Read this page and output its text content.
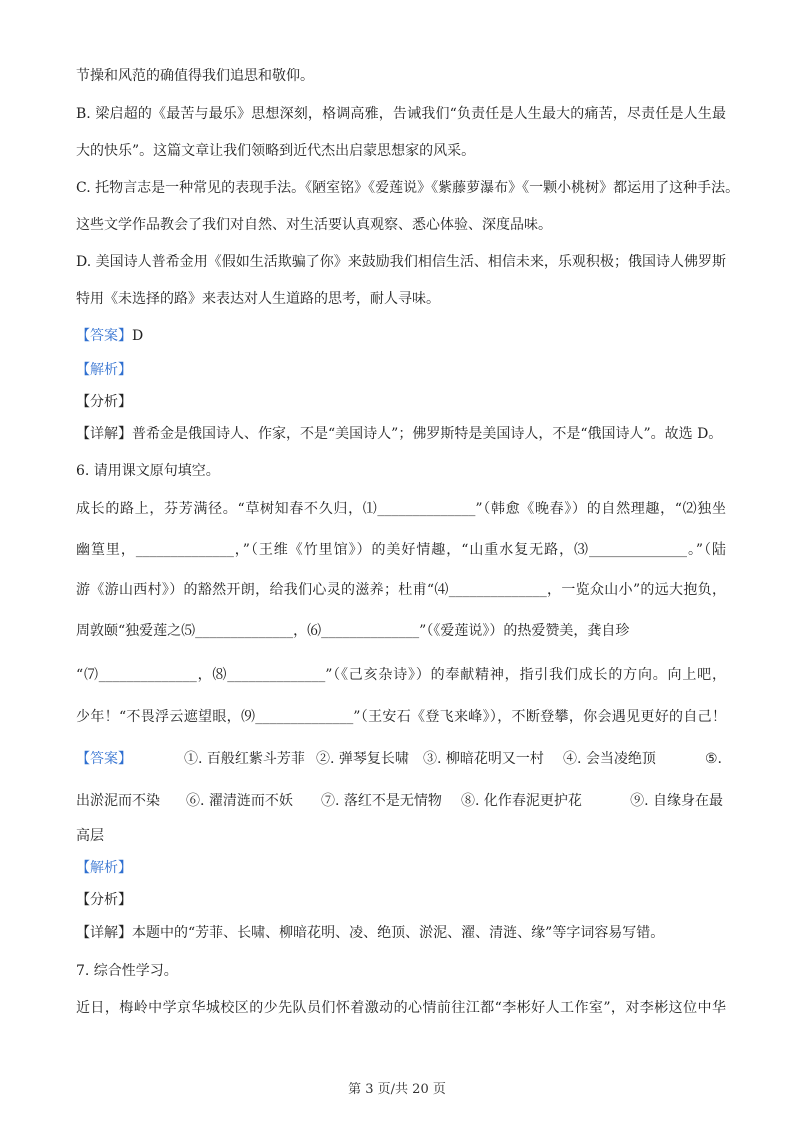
节操和风范的确值得我们追思和敬仰。
B. 梁启超的《最苦与最乐》思想深刻，格调高雅，告诫我们“负责任是人生最大的痛苦，尽责任是人生最
大的快乐”。这篇文章让我们领略到近代杰出启蒙思想家的风采。
C. 托物言志是一种常见的表现手法。《陋室铭》《爱莲说》《紫藤萝瀑布》《一颗小桃树》都运用了这种手法。
这些文学作品教会了我们对自然、对生活要认真观察、悉心体验、深度品味。
D. 美国诗人普希金用《假如生活欺骗了你》来鼓励我们相信生活、相信未来，乐观积极；俄国诗人佛罗斯
特用《未选择的路》来表达对人生道路的思考，耐人寻味。
【答案】D
【解析】
【分析】
【详解】普希金是俄国诗人、作家，不是“美国诗人”；佛罗斯特是美国诗人，不是“俄国诗人”。故选 D。
6. 请用课文原句填空。
成长的路上，芬芳满径。“草树知春不久归，⑴______________”（韩愈《晚春》）的自然理趣，“⑵独坐
幽篁里，______________，”（王维《竹里馆》）的美好情趣，“山重水复无路，⑶______________。”（陆
游《游山西村》）的豁然开朗，给我们心灵的滋养；杜甫“⑷______________，一览众山小”的远大抱负，
周敦颐“独爱莲之⑸______________，⑹______________”（《爱莲说》）的热爱赞美，龚自珍
“⑺______________，⑻______________”（《己亥杂诗》）的奉献精神，指引我们成长的方向。向上吧，
少年！“不畏浮云遮望眼，⑼______________”（王安石《登飞来峰》），不断登攀，你会遇见更好的自己！
【答案】	①. 百般红紫斗芳菲 ②. 弹琴复长啸 ③. 柳暗花明又一村 ④. 会当凌绝顶	⑤.
出淤泥而不染 ⑥. 濯清涟而不妖 ⑦. 落红不是无情物 ⑧. 化作春泥更护花	⑨. 自缘身在最
高层
【解析】
【分析】
【详解】本题中的“芳菲、长啸、柳暗花明、凌、绝顶、淤泥、濯、清涟、缘”等字词容易写错。
7. 综合性学习。
近日，梅岭中学京华城校区的少先队员们怀着激动的心情前往江都“李彬好人工作室”，对李彬这位中华
第 3 页/共 20 页
